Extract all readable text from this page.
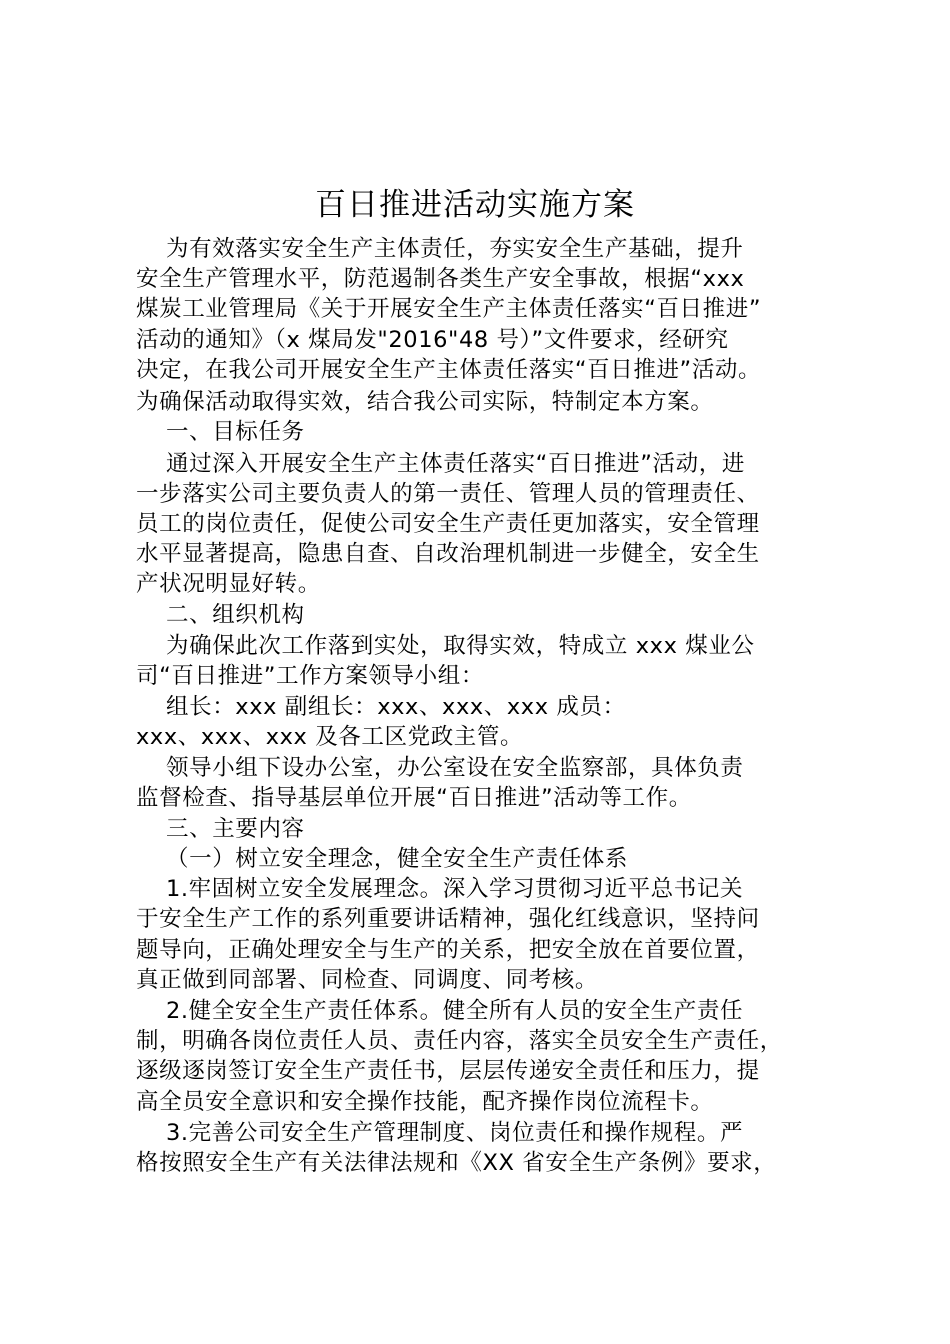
百日推进活动实施方案
为有效落实安全生产主体责任，夯实安全生产基础，提升
安全生产管理水平，防范遏制各类生产安全事故，根据“xxx
煤炭工业管理局《关于开展安全生产主体责任落实“百日推进”
活动的通知》（x 煤局发"2016"48 号）”文件要求，经研究
决定，在我公司开展安全生产主体责任落实“百日推进”活动。
为确保活动取得实效，结合我公司实际，特制定本方案。
一、目标任务
通过深入开展安全生产主体责任落实“百日推进”活动，进
一步落实公司主要负责人的第一责任、管理人员的管理责任、
员工的岗位责任，促使公司安全生产责任更加落实，安全管理
水平显著提高，隐患自查、自改治理机制进一步健全，安全生
产状况明显好转。
二、组织机构
为确保此次工作落到实处，取得实效，特成立 xxx 煤业公
司“百日推进”工作方案领导小组：
组长：xxx 副组长：xxx、xxx、xxx 成员：
xxx、xxx、xxx 及各工区党政主管。
领导小组下设办公室，办公室设在安全监察部，具体负责
监督检查、指导基层单位开展“百日推进”活动等工作。
三、主要内容
（一）树立安全理念，健全安全生产责任体系
1.牢固树立安全发展理念。深入学习贯彻习近平总书记关
于安全生产工作的系列重要讲话精神，强化红线意识，坚持问
题导向，正确处理安全与生产的关系，把安全放在首要位置，
真正做到同部署、同检查、同调度、同考核。
2.健全安全生产责任体系。健全所有人员的安全生产责任
制，明确各岗位责任人员、责任内容，落实全员安全生产责任，
逐级逐岗签订安全生产责任书，层层传递安全责任和压力，提
高全员安全意识和安全操作技能，配齐操作岗位流程卡。
3.完善公司安全生产管理制度、岗位责任和操作规程。严
格按照安全生产有关法律法规和《XX 省安全生产条例》要求，
